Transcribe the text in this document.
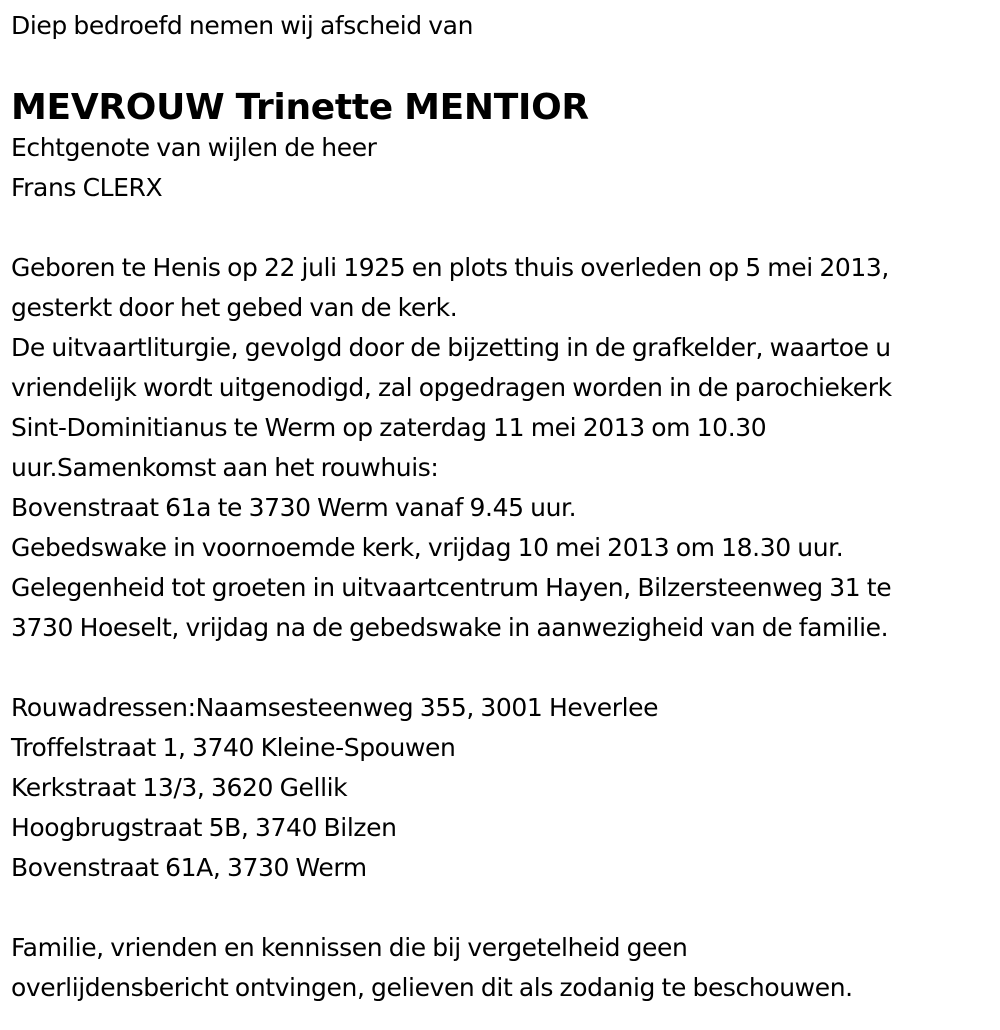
Diep bedroefd nemen wij afscheid van
MEVROUW Trinette MENTIOR
Echtgenote van wijlen de heer
Frans CLERX
Geboren te Henis op 22 juli 1925 en plots thuis overleden op 5 mei 2013,
gesterkt door het gebed van de kerk.
De uitvaartliturgie, gevolgd door de bijzetting in de grafkelder, waartoe u
vriendelijk wordt uitgenodigd, zal opgedragen worden in de parochiekerk
Sint-Dominitianus te Werm op zaterdag 11 mei 2013 om 10.30
uur.Samenkomst aan het rouwhuis:
Bovenstraat 61a te 3730 Werm vanaf 9.45 uur.
Gebedswake in voornoemde kerk, vrijdag 10 mei 2013 om 18.30 uur.
Gelegenheid tot groeten in uitvaartcentrum Hayen, Bilzersteenweg 31 te
3730 Hoeselt, vrijdag na de gebedswake in aanwezigheid van de familie.
Rouwadressen:Naamsesteenweg 355, 3001 Heverlee
Troffelstraat 1, 3740 Kleine-Spouwen
Kerkstraat 13/3, 3620 Gellik
Hoogbrugstraat 5B, 3740 Bilzen
Bovenstraat 61A, 3730 Werm
Familie, vrienden en kennissen die bij vergetelheid geen
overlijdensbericht ontvingen, gelieven dit als zodanig te beschouwen.
